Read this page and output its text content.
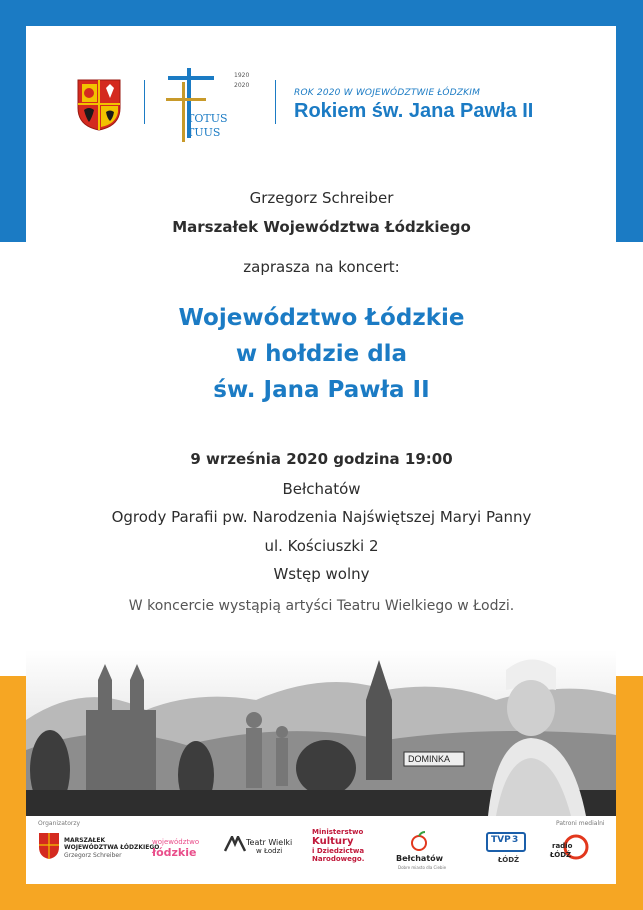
TOTUS
TUUS
1920
2020
ROK 2020 W WOJEWÓDZTWIE ŁÓDZKIM
Rokiem św. Jana Pawła II
Grzegorz Schreiber
Marszałek Województwa Łódzkiego
zaprasza na koncert:
Województwo Łódzkie
w hołdzie dla
św. Jana Pawła II
9 września 2020 godzina 19:00
Bełchatów
Ogrody Parafii pw. Narodzenia Najświętszej Maryi Panny
ul. Kościuszki 2
Wstęp wolny
W koncercie wystąpią artyści Teatru Wielkiego w Łodzi.
DOMINKA
Organizatorzy	Patroni medialni
MARSZAŁEK
WOJEWÓDZTWA ŁÓDZKIEGO
Grzegorz Schreiber
województwo
łódzkie
Teatr Wielki
w Łodzi
Ministerstwo
Kultury
i Dziedzictwa
Narodowego.	Bełchatów
Dobre miasto dla Ciebie
TVP 3
ŁÓDŹ
radio
ŁÓDŹ
